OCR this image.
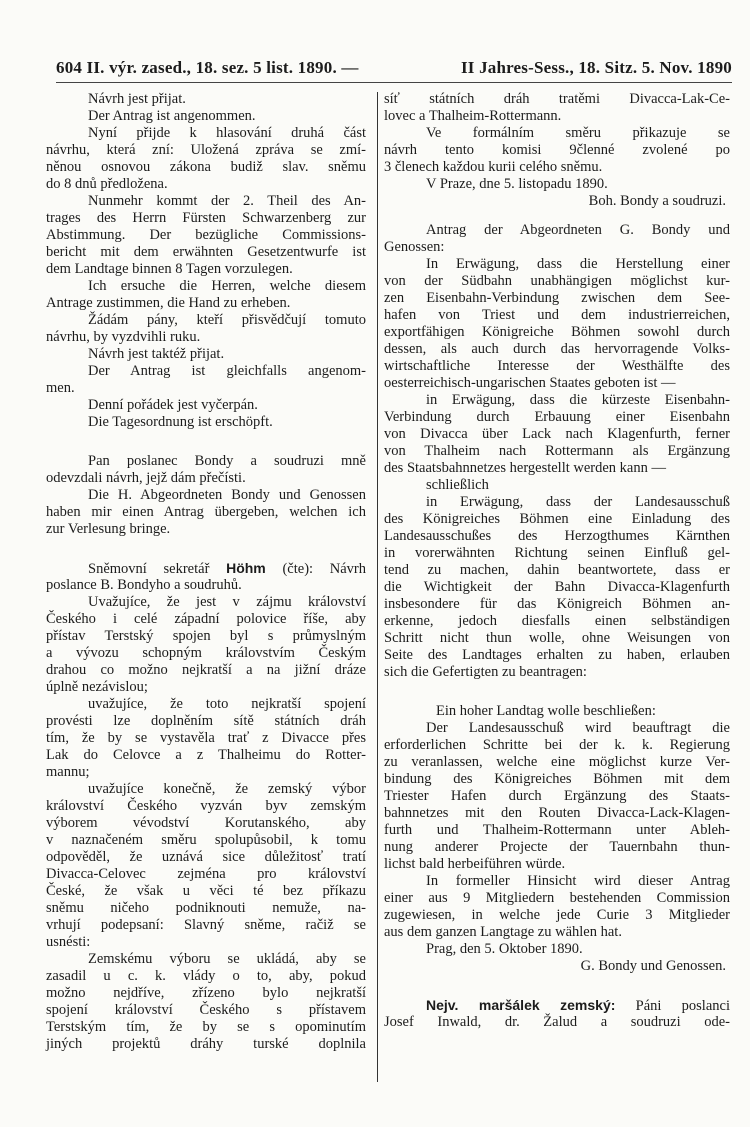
604 II. výr. zased., 18. sez. 5 list. 1890. —	II Jahres-Sess., 18. Sitz. 5. Nov. 1890
Návrh jest přijat.
Der Antrag ist angenommen.
Nyní přijde k hlasování druhá část
návrhu, která zní: Uložená zpráva se zmí-
něnou osnovou zákona budiž slav. sněmu
do 8 dnů předložena.
Nunmehr kommt der 2. Theil des An-
trages des Herrn Fürsten Schwarzenberg zur
Abstimmung. Der bezügliche Commissions-
bericht mit dem erwähnten Gesetzentwurfe ist
dem Landtage binnen 8 Tagen vorzulegen.
Ich ersuche die Herren, welche diesem
Antrage zustimmen, die Hand zu erheben.
Žádám pány, kteří přisvědčují tomuto
návrhu, by vyzdvihli ruku.
Návrh jest taktéž přijat.
Der Antrag ist gleichfalls angenom-
men.
Denní pořádek jest vyčerpán.
Die Tagesordnung ist erschöpft.
Pan poslanec Bondy a soudruzi mně
odevzdali návrh, jejž dám přečísti.
Die H. Abgeordneten Bondy und Genossen
haben mir einen Antrag übergeben, welchen ich
zur Verlesung bringe.
Sněmovní sekretář Höhm (čte): Návrh
poslance B. Bondyho a soudruhů.
Uvažujíce, že jest v zájmu království
Českého i celé západní polovice říše, aby
přístav Terstský spojen byl s průmyslným
a vývozu schopným královstvím Českým
drahou co možno nejkratší a na jižní dráze
úplně nezávislou;
uvažujíce, že toto nejkratší spojení
provésti lze doplněním sítě státních dráh
tím, že by se vystavěla trať z Divacce přes
Lak do Celovce a z Thalheimu do Rotter-
mannu;
uvažujíce konečně, že zemský výbor
království Českého vyzván byv zemským
výborem vévodství Korutanského, aby
v naznačeném směru spolupůsobil, k tomu
odpověděl, že uznává sice důležitosť tratí
Divacca-Celovec zejména pro království
České, že však u věci té bez příkazu
sněmu ničeho podniknouti nemuže, na-
vrhují podepsaní: Slavný sněme, račiž se
usnésti:
Zemskému výboru se ukládá, aby se
zasadil u c. k. vlády o to, aby, pokud
možno nejdříve, zřízeno bylo nejkratší
spojení království Českého s přístavem
Terstským tím, že by se s opominutím
jiných projektů dráhy turské doplnila
síť státních dráh tratěmi Divacca-Lak-Ce-
lovec a Thalheim-Rottermann.
Ve formálním směru přikazuje se
návrh tento komisi 9členné zvolené po
3 členech každou kurii celého sněmu.
V Praze, dne 5. listopadu 1890.
Boh. Bondy a soudruzi.
Antrag der Abgeordneten G. Bondy und
Genossen:
In Erwägung, dass die Herstellung einer
von der Südbahn unabhängigen möglichst kur-
zen Eisenbahn-Verbindung zwischen dem See-
hafen von Triest und dem industrierreichen,
exportfähigen Königreiche Böhmen sowohl durch
dessen, als auch durch das hervorragende Volks-
wirtschaftliche Interesse der Westhälfte des
oesterreichisch-ungarischen Staates geboten ist —
in Erwägung, dass die kürzeste Eisenbahn-
Verbindung durch Erbauung einer Eisenbahn
von Divacca über Lack nach Klagenfurth, ferner
von Thalheim nach Rottermann als Ergänzung
des Staatsbahnnetzes hergestellt werden kann —
schließlich
in Erwägung, dass der Landesausschuß
des Königreiches Böhmen eine Einladung des
Landesausschußes des Herzogthumes Kärnthen
in vorerwähnten Richtung seinen Einfluß gel-
tend zu machen, dahin beantwortete, dass er
die Wichtigkeit der Bahn Divacca-Klagenfurth
insbesondere für das Königreich Böhmen an-
erkenne, jedoch diesfalls einen selbständigen
Schritt nicht thun wolle, ohne Weisungen von
Seite des Landtages erhalten zu haben, erlauben
sich die Gefertigten zu beantragen:
Ein hoher Landtag wolle beschließen:
Der Landesausschuß wird beauftragt die
erforderlichen Schritte bei der k. k. Regierung
zu veranlassen, welche eine möglichst kurze Ver-
bindung des Königreiches Böhmen mit dem
Triester Hafen durch Ergänzung des Staats-
bahnnetzes mit den Routen Divacca-Lack-Klagen-
furth und Thalheim-Rottermann unter Ableh-
nung anderer Projecte der Tauernbahn thun-
lichst bald herbeiführen würde.
In formeller Hinsicht wird dieser Antrag
einer aus 9 Mitgliedern bestehenden Commission
zugewiesen, in welche jede Curie 3 Mitglieder
aus dem ganzen Langtage zu wählen hat.
Prag, den 5. Oktober 1890.
G. Bondy und Genossen.
Nejv. maršálek zemský: Páni poslanci
Josef Inwald, dr. Žalud a soudruzi ode-
